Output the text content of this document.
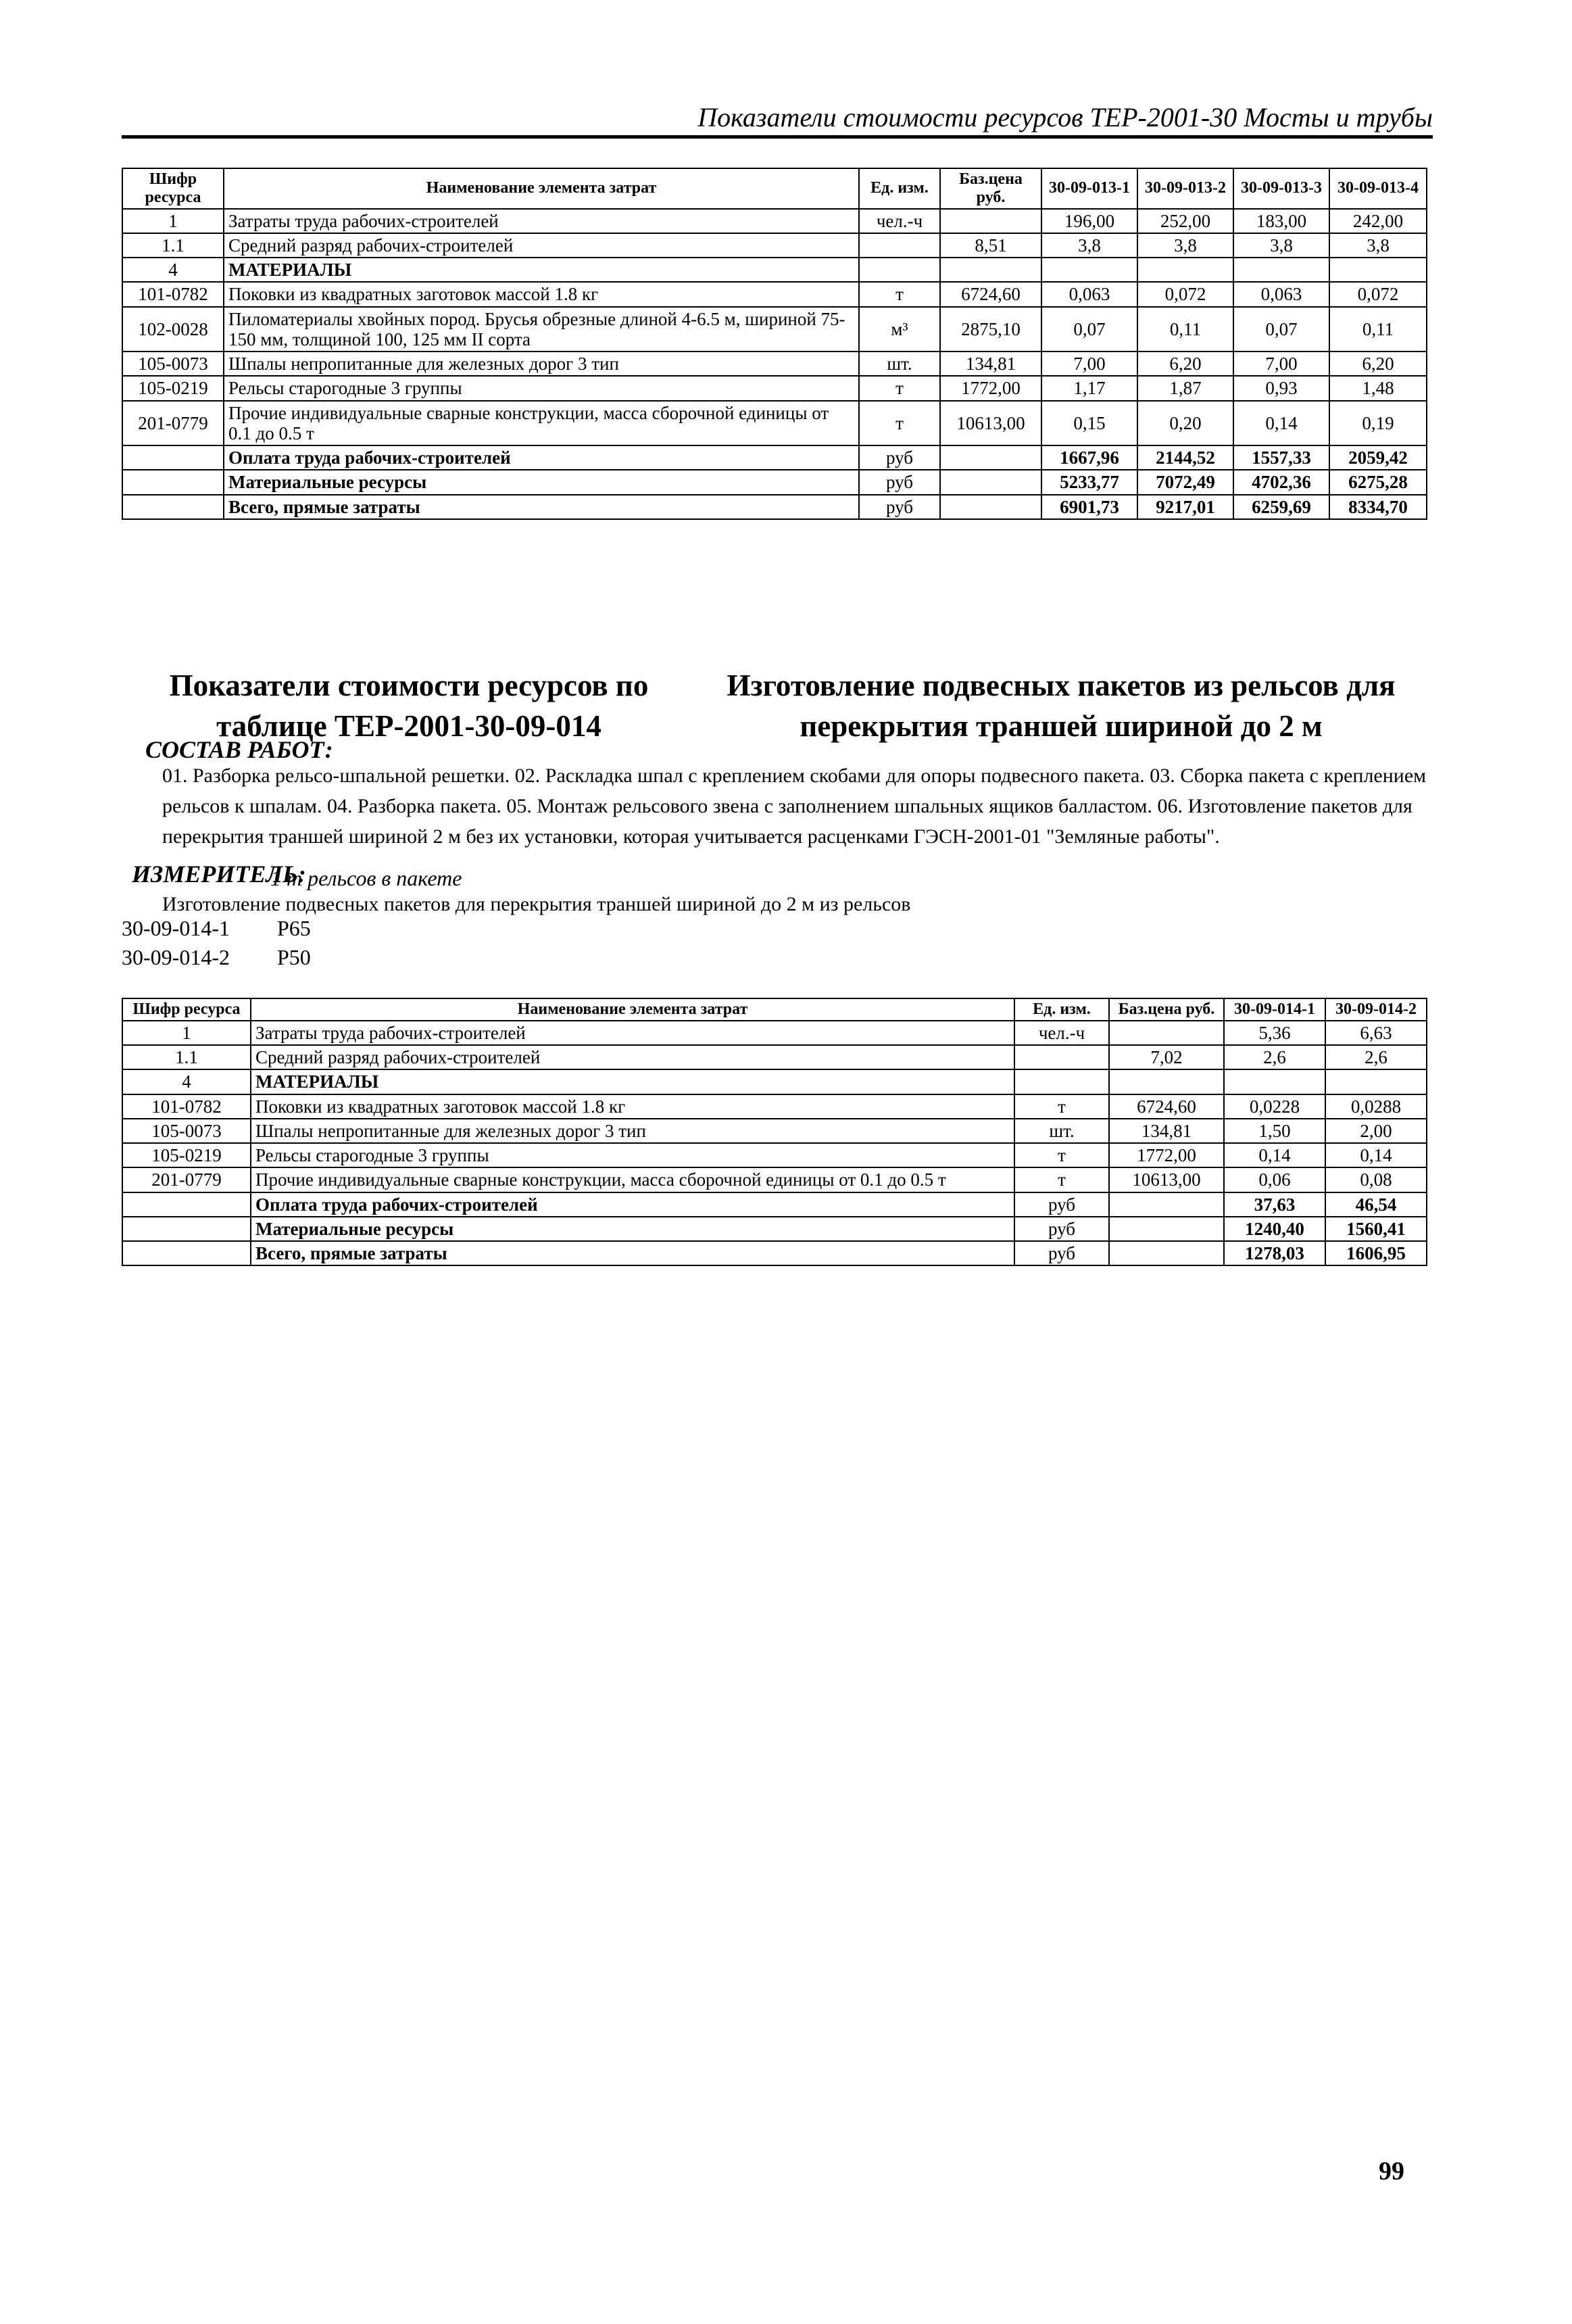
Показатели стоимости ресурсов ТЕР-2001-30 Мосты и трубы
Шифр ресурса	Наименование элемента затрат	Ед. изм.	Баз.цена руб.	30-09-013-1	30-09-013-2	30-09-013-3	30-09-013-4
1	Затраты труда рабочих-строителей	чел.-ч		196,00	252,00	183,00	242,00
1.1	Средний разряд рабочих-строителей		8,51	3,8	3,8	3,8	3,8
4	МАТЕРИАЛЫ						
101-0782	Поковки из квадратных заготовок массой 1.8 кг	т	6724,60	0,063	0,072	0,063	0,072
102-0028	Пиломатериалы хвойных пород. Брусья обрезные длиной 4-6.5 м, шириной 75-150 мм, толщиной 100, 125 мм II сорта	м³	2875,10	0,07	0,11	0,07	0,11
105-0073	Шпалы непропитанные для железных дорог 3 тип	шт.	134,81	7,00	6,20	7,00	6,20
105-0219	Рельсы старогодные 3 группы	т	1772,00	1,17	1,87	0,93	1,48
201-0779	Прочие индивидуальные сварные конструкции, масса сборочной единицы от 0.1 до 0.5 т	т	10613,00	0,15	0,20	0,14	0,19
	Оплата труда рабочих-строителей	руб		1667,96	2144,52	1557,33	2059,42
	Материальные ресурсы	руб		5233,77	7072,49	4702,36	6275,28
	Всего, прямые затраты	руб		6901,73	9217,01	6259,69	8334,70
Показатели стоимости ресурсов по таблице ТЕР-2001-30-09-014
Изготовление подвесных пакетов из рельсов для перекрытия траншей шириной до 2 м
СОСТАВ РАБОТ:
01. Разборка рельсо-шпальной решетки. 02. Раскладка шпал с креплением скобами для опоры подвесного пакета. 03. Сборка пакета с креплением рельсов к шпалам. 04. Разборка пакета. 05. Монтаж рельсового звена с заполнением шпальных ящиков балластом. 06. Изготовление пакетов для перекрытия траншей шириной 2 м без их установки, которая учитывается расценками ГЭСН-2001-01 "Земляные работы".
ИЗМЕРИТЕЛЬ:
1 т рельсов в пакете
Изготовление подвесных пакетов для перекрытия траншей шириной до 2 м из рельсов
30-09-014-1 Р65
30-09-014-2 Р50
Шифр ресурса	Наименование элемента затрат	Ед. изм.	Баз.цена руб.	30-09-014-1	30-09-014-2
1	Затраты труда рабочих-строителей	чел.-ч		5,36	6,63
1.1	Средний разряд рабочих-строителей		7,02	2,6	2,6
4	МАТЕРИАЛЫ				
101-0782	Поковки из квадратных заготовок массой 1.8 кг	т	6724,60	0,0228	0,0288
105-0073	Шпалы непропитанные для железных дорог 3 тип	шт.	134,81	1,50	2,00
105-0219	Рельсы старогодные 3 группы	т	1772,00	0,14	0,14
201-0779	Прочие индивидуальные сварные конструкции, масса сборочной единицы от 0.1 до 0.5 т	т	10613,00	0,06	0,08
	Оплата труда рабочих-строителей	руб		37,63	46,54
	Материальные ресурсы	руб		1240,40	1560,41
	Всего, прямые затраты	руб		1278,03	1606,95
99
